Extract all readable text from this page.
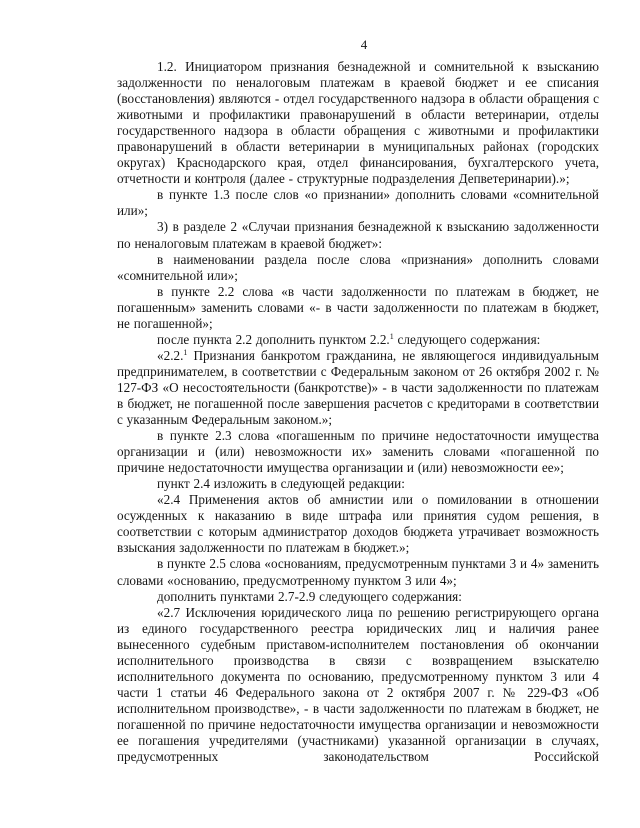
4

1.2. Инициатором признания безнадежной и сомнительной к взысканию задолженности по неналоговым платежам в краевой бюджет и ее списания (восстановления) являются - отдел государственного надзора в области обращения с животными и профилактики правонарушений в области ветеринарии, отделы государственного надзора в области обращения с животными и профилактики правонарушений в области ветеринарии в муниципальных районах (городских округах) Краснодарского края, отдел финансирования, бухгалтерского учета, отчетности и контроля (далее - структурные подразделения Депветеринарии).»;

в пункте 1.3 после слов «о признании» дополнить словами «сомнительной или»;

3) в разделе 2 «Случаи признания безнадежной к взысканию задолженности по неналоговым платежам в краевой бюджет»:

в наименовании раздела после слова «признания» дополнить словами «сомнительной или»;

в пункте 2.2 слова «в части задолженности по платежам в бюджет, не погашенным» заменить словами «- в части задолженности по платежам в бюджет, не погашенной»;

после пункта 2.2 дополнить пунктом 2.2.$^1$ следующего содержания:

«2.2.$^1$ Признания банкротом гражданина, не являющегося индивидуальным предпринимателем, в соответствии с Федеральным законом от 26 октября 2002 г. № 127-ФЗ «О несостоятельности (банкротстве)» - в части задолженности по платежам в бюджет, не погашенной после завершения расчетов с кредиторами в соответствии с указанным Федеральным законом.»;

в пункте 2.3 слова «погашенным по причине недостаточности имущества организации и (или) невозможности их» заменить словами «погашенной по причине недостаточности имущества организации и (или) невозможности ее»;

пункт 2.4 изложить в следующей редакции:

«2.4 Применения актов об амнистии или о помиловании в отношении осужденных к наказанию в виде штрафа или принятия судом решения, в соответствии с которым администратор доходов бюджета утрачивает возможность взыскания задолженности по платежам в бюджет.»;

в пункте 2.5 слова «основаниям, предусмотренным пунктами 3 и 4» заменить словами «основанию, предусмотренному пунктом 3 или 4»;

дополнить пунктами 2.7-2.9 следующего содержания:

«2.7 Исключения юридического лица по решению регистрирующего органа из единого государственного реестра юридических лиц и наличия ранее вынесенного судебным приставом-исполнителем постановления об окончании исполнительного производства в связи с возвращением взыскателю исполнительного документа по основанию, предусмотренному пунктом 3 или 4 части 1 статьи 46 Федерального закона от 2 октября 2007 г. № 229-ФЗ «Об исполнительном производстве», - в части задолженности по платежам в бюджет, не погашенной по причине недостаточности имущества организации и невозможности ее погашения учредителями (участниками) указанной организации в случаях, предусмотренных законодательством Российской
